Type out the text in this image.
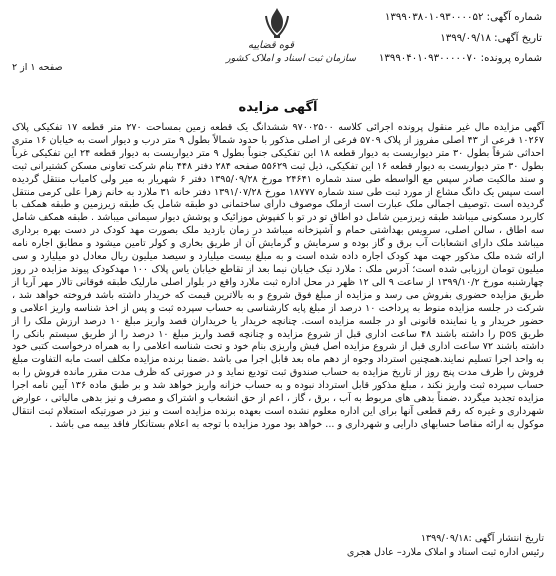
قوه قضاییه
سازمان ثبت اسناد و املاک کشور
شماره آگهی: ۱۳۹۹۰۳۸۰۱۰۹۳۰۰۰۰۵۲
تاریخ آگهی: ۱۳۹۹/۰۹/۱۸
شماره پرونده: ۱۳۹۹۰۴۰۱۰۹۳۰۰۰۰۰۷۰
صفحه ۱ از ۲
آگهی مزایده

آگهی مزایده مال غیر منقول پرونده اجرائی کلاسه ۹۷۰۰۲۵۰۰ ششدانگ یک قطعه زمین بمساحت ۲۷۰ متر قطعه ۱۷ تفکیکی پلاک ۱۰۲۶۷ فرعی از ۴۳ اصلی مفروز از پلاک ۵۷۰۹ فرعی از اصلی مذکور با حدود شمالاً بطول ۹ متر درب و دیوار است به خیابان ۱۶ متری احداثی شرقاً بطول ۳۰ متر دیواریست به دیوار قطعه ۱۸ این تفکیکی جنوباً بطول ۹ متر دیواریست به دیوار قطعه ۲۴ این تفکیکی غرباً بطول ۳۰ متر دیواریست به دیوار قطعه ۱۶ این تفکیکی، ذیل ثبت ۵۵۶۲۹ صفحه ۲۸۴ دفتر ۴۴۸ بنام شرکت تعاونی مسکن کشتیرانی ثبت و سند مالکیت صادر سپس مع الواسطه طی سند شماره ۲۴۶۴۱ مورخ ۱۳۹۵/۰۹/۲۸ دفتر ۶ شهریار به میر ولی کامیاب منتقل گردیده است سپس یک دانگ مشاع از مورد ثبت طی سند شماره ۱۸۷۷۷ مورخ ۱۳۹۱/۰۷/۲۸ دفتر خانه ۳۱ ملارد به خانم زهرا علی کرمی منتقل گردیده است .توصیف اجمالی ملک عبارت است ازملک موصوف دارای ساختمانی دو طبقه شامل یک طبقه زیرزمین و طبقه همکف با کاربرد مسکونی میباشد طبقه زیرزمین شامل دو اطاق تو در تو با کفپوش موزائیک و پوشش دیوار سیمانی میباشد . طبقه همکف شامل سه اطاق ، سالن اصلی، سرویس بهداشتی حمام و آشپزخانه میباشد در زمان بازدید ملک بصورت مهد کودک در دست بهره برداری میباشد ملک دارای انشعابات آب برق و گاز بوده و سرمایش و گرمایش آن از طریق بخاری و کولر تامین میشود و مطابق اجاره نامه ارائه شده ملک مذکور جهت مهد کودک اجاره داده شده است و به مبلغ بیست میلیارد و سیصد میلیون ریال معادل دو میلیارد و سی میلیون تومان ارزیابی شده است؛ آدرس ملک : ملارد نیک خیابان نیما بعد از تقاطع خیابان یاس پلاک ۱۰۰ مهدکودک پیوند مزایده در روز چهارشنبه مورخ ۱۳۹۹/۱۰/۲ از ساعت ۹ الی ۱۲ ظهر در محل اداره ثبت ملارد واقع در بلوار اصلی مارلیک طبقه فوقانی تالار مهر آریا از طریق مزایده حضوری بفروش می رسد و مزایده از مبلغ فوق شروع و به بالاترین قیمت که خریدار داشته باشد فروخته خواهد شد ، شرکت در جلسه مزایده منوط به پرداخت ۱۰ درصد از مبلغ پایه کارشناسی به حساب سپرده ثبت و پس از اخذ شناسه واریز اعلامی و حضور خریدار و یا نماینده قانونی او در جلسه مزایده است. چنانچه خریدار یا خریداران قصد واریز مبلغ ۱۰ درصد ارزش ملک را از طریق pos را داشته باشند ۴۸ ساعت اداری قبل از شروع مزایده و چنانچه قصد واریز مبلغ ۱۰ درصد را از طریق سیستم بانکی را داشته باشند ۷۲ ساعت اداری قبل از شروع مزایده اصل فیش واریزی بنام خود و تحت شناسه اعلامی را به همراه درخواست کتبی خود به واحد اجرا تسلیم نمایند.همچنین استرداد وجوه از دهم ماه بعد قابل اجرا می باشد .ضمنا برنده مزایده مکلف است مابه التفاوت مبلغ فروش را ظرف مدت پنج روز از تاریخ مزایده به حساب صندوق ثبت تودیع نماید و در صورتی که ظرف مدت مقرر مانده فروش را به حساب سپرده ثبت واریز نکند ، مبلغ مذکور قابل استرداد نبوده و به حساب خزانه واریز خواهد شد و بر طبق ماده ۱۳۶ آیین نامه اجرا مزایده تجدید میگردد .ضمناً بدهی های مربوط به آب ، برق ، گاز ، اعم از حق انشعاب و اشتراک و مصرف و نیز بدهی مالیاتی ، عوارض شهرداری و غیره که رقم قطعی آنها برای این اداره معلوم نشده است بعهده برنده مزایده است و نیز در صورتیکه استعلام ثبت انتقال موکول به ارائه مفاصا حسابهای دارایی و شهرداری و ... خواهد بود مورد مزایده با توجه به اعلام بستانکار فاقد بیمه می باشد .

تاریخ انتشار آگهی :۱۳۹۹/۰۹/۱۸
رئیس اداره ثبت اسناد و املاک ملارد– عادل هجری
